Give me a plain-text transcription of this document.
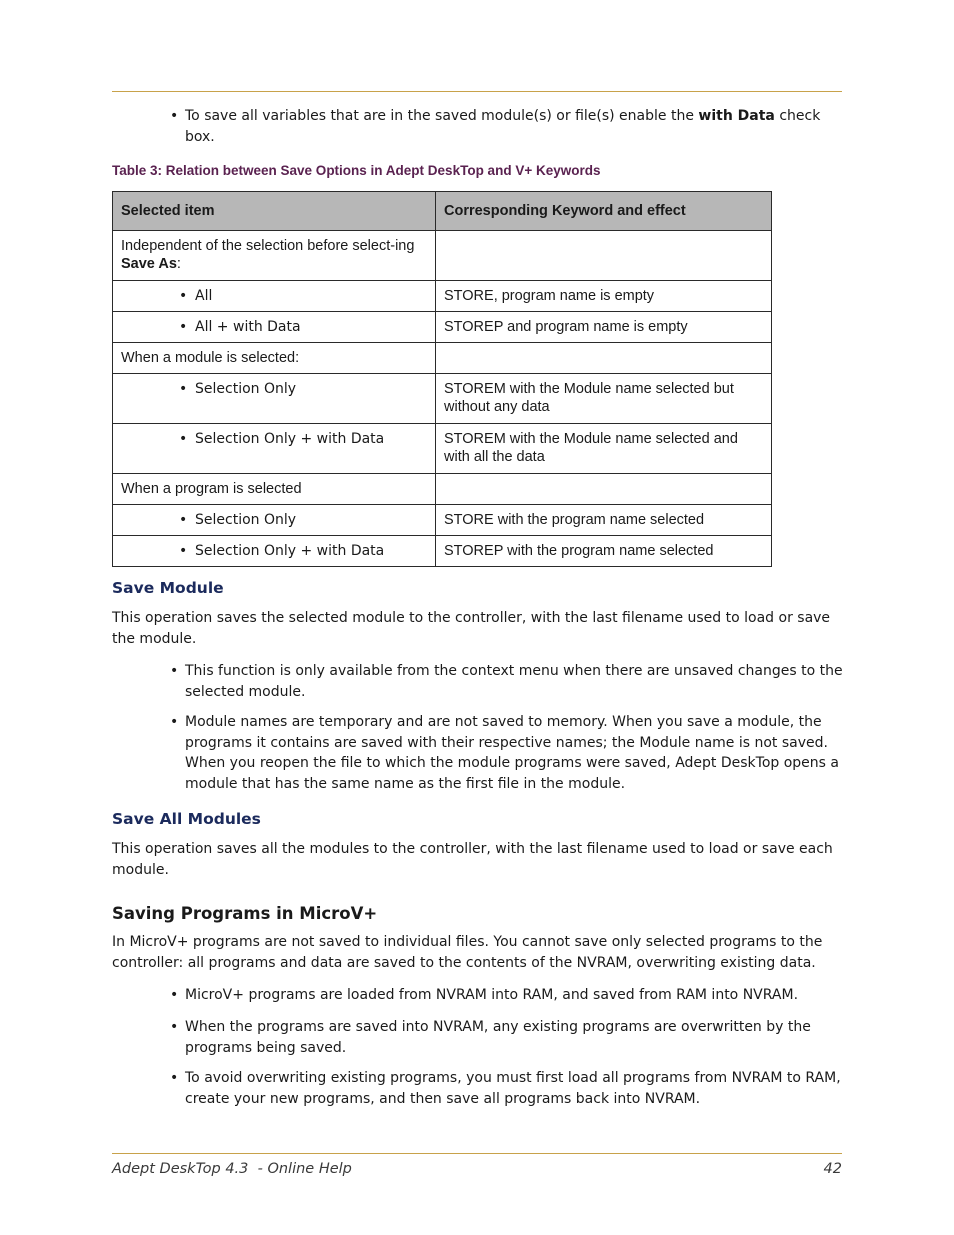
• To save all variables that are in the saved module(s) or file(s) enable the with Data check box.
Table 3: Relation between Save Options in Adept DeskTop and V+ Keywords
Selected item	Corresponding Keyword and effect
Independent of the selection before select-ing Save As:	

• All	STORE, program name is empty

• All + with Data	STOREP and program name is empty
When a module is selected:	

• Selection Only	STOREM with the Module name selected but without any data

• Selection Only + with Data	STOREM with the Module name selected and with all the data
When a program is selected	

• Selection Only	STORE with the program name selected

• Selection Only + with Data	STOREP with the program name selected
Save Module
This operation saves the selected module to the controller, with the last filename used to load or save the module.
• This function is only available from the context menu when there are unsaved changes to the selected module.
• Module names are temporary and are not saved to memory. When you save a module, the programs it contains are saved with their respective names; the Module name is not saved. When you reopen the file to which the module programs were saved, Adept DeskTop opens a module that has the same name as the first file in the module.
Save All Modules
This operation saves all the modules to the controller, with the last filename used to load or save each module.
Saving Programs in MicroV+
In MicroV+ programs are not saved to individual files. You cannot save only selected programs to the controller: all programs and data are saved to the contents of the NVRAM, overwriting existing data.
• MicroV+ programs are loaded from NVRAM into RAM, and saved from RAM into NVRAM.
• When the programs are saved into NVRAM, any existing programs are overwritten by the programs being saved.
• To avoid overwriting existing programs, you must first load all programs from NVRAM to RAM, create your new programs, and then save all programs back into NVRAM.
Adept DeskTop 4.3  - Online Help	42
